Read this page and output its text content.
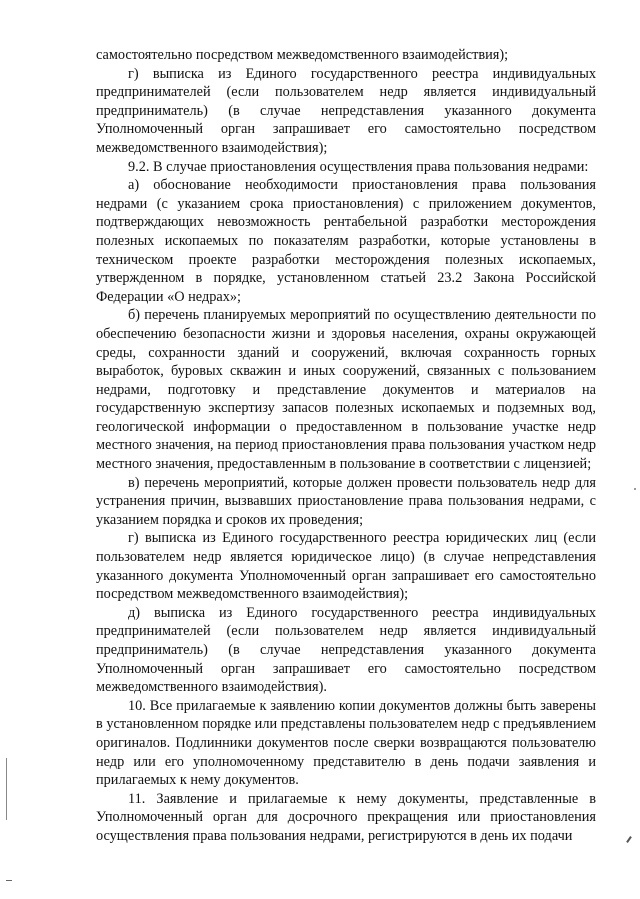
самостоятельно посредством межведомственного взаимодействия);

г) выписка из Единого государственного реестра индивидуальных предпринимателей (если пользователем недр является индивидуальный предприниматель) (в случае непредставления указанного документа Уполномоченный орган запрашивает его самостоятельно посредством межведомственного взаимодействия);

9.2. В случае приостановления осуществления права пользования недрами:

а) обоснование необходимости приостановления права пользования недрами (с указанием срока приостановления) с приложением документов, подтверждающих невозможность рентабельной разработки месторождения полезных ископаемых по показателям разработки, которые установлены в техническом проекте разработки месторождения полезных ископаемых, утвержденном в порядке, установленном статьей 23.2 Закона Российской Федерации «О недрах»;

б) перечень планируемых мероприятий по осуществлению деятельности по обеспечению безопасности жизни и здоровья населения, охраны окружающей среды, сохранности зданий и сооружений, включая сохранность горных выработок, буровых скважин и иных сооружений, связанных с пользованием недрами, подготовку и представление документов и материалов на государственную экспертизу запасов полезных ископаемых и подземных вод, геологической информации о предоставленном в пользование участке недр местного значения, на период приостановления права пользования участком недр местного значения, предоставленным в пользование в соответствии с лицензией;

в) перечень мероприятий, которые должен провести пользователь недр для устранения причин, вызвавших приостановление права пользования недрами, с указанием порядка и сроков их проведения;

г) выписка из Единого государственного реестра юридических лиц (если пользователем недр является юридическое лицо) (в случае непредставления указанного документа Уполномоченный орган запрашивает его самостоятельно посредством межведомственного взаимодействия);

д) выписка из Единого государственного реестра индивидуальных предпринимателей (если пользователем недр является индивидуальный предприниматель) (в случае непредставления указанного документа Уполномоченный орган запрашивает его самостоятельно посредством межведомственного взаимодействия).

10. Все прилагаемые к заявлению копии документов должны быть заверены в установленном порядке или представлены пользователем недр с предъявлением оригиналов. Подлинники документов после сверки возвращаются пользователю недр или его уполномоченному представителю в день подачи заявления и прилагаемых к нему документов.

11. Заявление и прилагаемые к нему документы, представленные в Уполномоченный орган для досрочного прекращения или приостановления осуществления права пользования недрами, регистрируются в день их подачи
